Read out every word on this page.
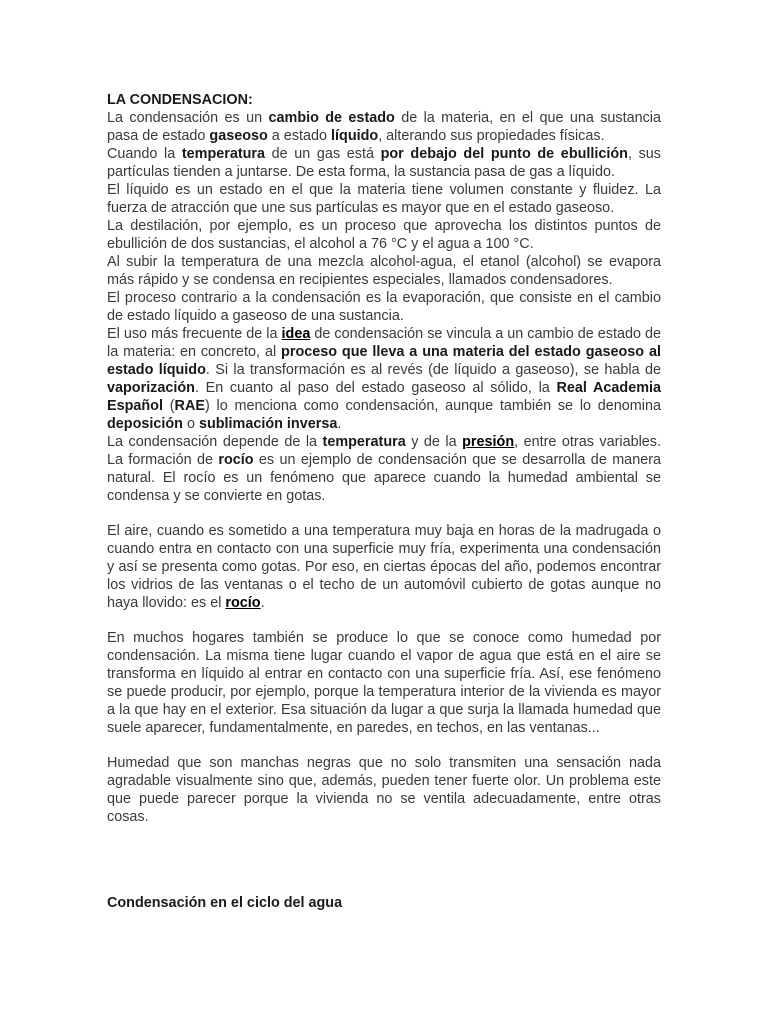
LA CONDENSACION:

La condensación es un cambio de estado de la materia, en el que una sustancia pasa de estado gaseoso a estado líquido, alterando sus propiedades físicas.

Cuando la temperatura de un gas está por debajo del punto de ebullición, sus partículas tienden a juntarse. De esta forma, la sustancia pasa de gas a líquido.

El líquido es un estado en el que la materia tiene volumen constante y fluidez. La fuerza de atracción que une sus partículas es mayor que en el estado gaseoso.

La destilación, por ejemplo, es un proceso que aprovecha los distintos puntos de ebullición de dos sustancias, el alcohol a 76 °C y el agua a 100 °C.

Al subir la temperatura de una mezcla alcohol-agua, el etanol (alcohol) se evapora más rápido y se condensa en recipientes especiales, llamados condensadores.

El proceso contrario a la condensación es la evaporación, que consiste en el cambio de estado líquido a gaseoso de una sustancia.

El uso más frecuente de la idea de condensación se vincula a un cambio de estado de la materia: en concreto, al proceso que lleva a una materia del estado gaseoso al estado líquido. Si la transformación es al revés (de líquido a gaseoso), se habla de vaporización. En cuanto al paso del estado gaseoso al sólido, la Real Academia Español (RAE) lo menciona como condensación, aunque también se lo denomina deposición o sublimación inversa.

La condensación depende de la temperatura y de la presión, entre otras variables. La formación de rocío es un ejemplo de condensación que se desarrolla de manera natural. El rocío es un fenómeno que aparece cuando la humedad ambiental se condensa y se convierte en gotas.

El aire, cuando es sometido a una temperatura muy baja en horas de la madrugada o cuando entra en contacto con una superficie muy fría, experimenta una condensación y así se presenta como gotas. Por eso, en ciertas épocas del año, podemos encontrar los vidrios de las ventanas o el techo de un automóvil cubierto de gotas aunque no haya llovido: es el rocío.

En muchos hogares también se produce lo que se conoce como humedad por condensación. La misma tiene lugar cuando el vapor de agua que está en el aire se transforma en líquido al entrar en contacto con una superficie fría. Así, ese fenómeno se puede producir, por ejemplo, porque la temperatura interior de la vivienda es mayor a la que hay en el exterior. Esa situación da lugar a que surja la llamada humedad que suele aparecer, fundamentalmente, en paredes, en techos, en las ventanas...

Humedad que son manchas negras que no solo transmiten una sensación nada agradable visualmente sino que, además, pueden tener fuerte olor. Un problema este que puede parecer porque la vivienda no se ventila adecuadamente, entre otras cosas.

Condensación en el ciclo del agua
